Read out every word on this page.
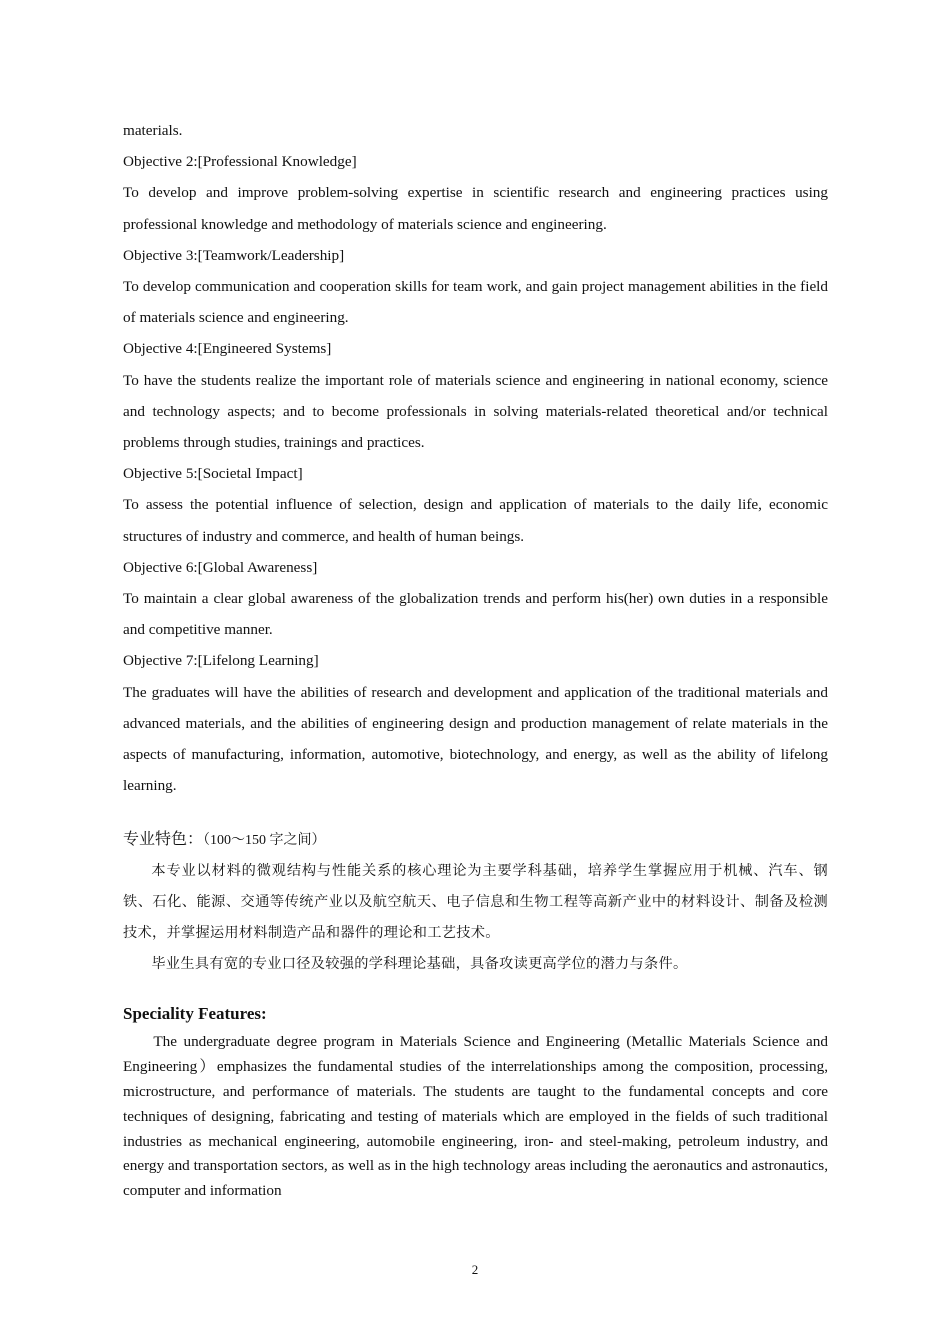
materials.

Objective 2:[Professional Knowledge]

To develop and improve problem-solving expertise in scientific research and engineering practices using professional knowledge and methodology of materials science and engineering.

Objective 3:[Teamwork/Leadership]

To develop communication and cooperation skills for team work, and gain project management abilities in the field of materials science and engineering.

Objective 4:[Engineered Systems]

To have the students realize the important role of materials science and engineering in national economy, science and technology aspects; and to become professionals in solving materials-related theoretical and/or technical problems through studies, trainings and practices.

Objective 5:[Societal Impact]

To assess the potential influence of selection, design and application of materials to the daily life, economic structures of industry and commerce, and health of human beings.

Objective 6:[Global Awareness]

To maintain a clear global awareness of the globalization trends and perform his(her) own duties in a responsible and competitive manner.

Objective 7:[Lifelong Learning]

The graduates will have the abilities of research and development and application of the traditional materials and advanced materials, and the abilities of engineering design and production management of relate materials in the aspects of manufacturing, information, automotive, biotechnology, and energy, as well as the ability of lifelong learning.

专业特色：（100～150 字之间）

本专业以材料的微观结构与性能关系的核心理论为主要学科基础，培养学生掌握应用于机械、汽车、钢铁、石化、能源、交通等传统产业以及航空航天、电子信息和生物工程等高新产业中的材料设计、制备及检测技术，并掌握运用材料制造产品和器件的理论和工艺技术。

毕业生具有宽的专业口径及较强的学科理论基础，具备攻读更高学位的潜力与条件。

Speciality Features:

The undergraduate degree program in Materials Science and Engineering (Metallic Materials Science and Engineering）emphasizes the fundamental studies of the interrelationships among the composition, processing, microstructure, and performance of materials. The students are taught to the fundamental concepts and core techniques of designing, fabricating and testing of materials which are employed in the fields of such traditional industries as mechanical engineering, automobile engineering, iron- and steel-making, petroleum industry, and energy and transportation sectors, as well as in the high technology areas including the aeronautics and astronautics, computer and information

2
